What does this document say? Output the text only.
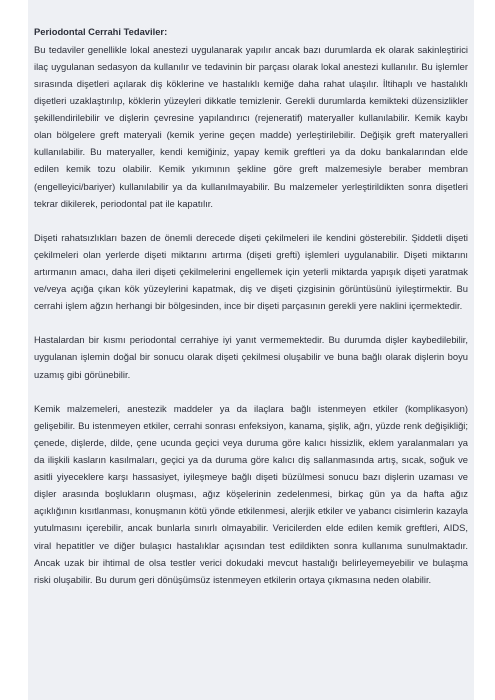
Periodontal Cerrahi Tedaviler:

Bu tedaviler genellikle lokal anestezi uygulanarak yapılır ancak bazı durumlarda ek olarak sakinleştirici ilaç uygulanan sedasyon da kullanılır ve tedavinin bir parçası olarak lokal anestezi kullanılır. Bu işlemler sırasında dişetleri açılarak diş köklerine ve hastalıklı kemiğe daha rahat ulaşılır. İltihaplı ve hastalıklı dişetleri uzaklaştırılıp, köklerin yüzeyleri dikkatle temizlenir. Gerekli durumlarda kemikteki düzensizlikler şekillendirilebilir ve dişlerin çevresine yapılandırıcı (rejeneratif) materyaller kullanılabilir. Kemik kaybı olan bölgelere greft materyali (kemik yerine geçen madde) yerleştirilebilir. Değişik greft materyalleri kullanılabilir. Bu materyaller, kendi kemiğiniz, yapay kemik greftleri ya da doku bankalarından elde edilen kemik tozu olabilir. Kemik yıkımının şekline göre greft malzemesiyle beraber membran (engelleyici/bariyer) kullanılabilir ya da kullanılmayabilir. Bu malzemeler yerleştirildikten sonra dişetleri tekrar dikilerek, periodontal pat ile kapatılır.

Dişeti rahatsızlıkları bazen de önemli derecede dişeti çekilmeleri ile kendini gösterebilir. Şiddetli dişeti çekilmeleri olan yerlerde dişeti miktarını artırma (dişeti grefti) işlemleri uygulanabilir. Dişeti miktarını artırmanın amacı, daha ileri dişeti çekilmelerini engellemek için yeterli miktarda yapışık dişeti yaratmak ve/veya açığa çıkan kök yüzeylerini kapatmak, diş ve dişeti çizgisinin görüntüsünü iyileştirmektir. Bu cerrahi işlem ağzın herhangi bir bölgesinden, ince bir dişeti parçasının gerekli yere naklini içermektedir.

Hastalardan bir kısmı periodontal cerrahiye iyi yanıt vermemektedir. Bu durumda dişler kaybedilebilir, uygulanan işlemin doğal bir sonucu olarak dişeti çekilmesi oluşabilir ve buna bağlı olarak dişlerin boyu uzamış gibi görünebilir.

Kemik malzemeleri, anestezik maddeler ya da ilaçlara bağlı istenmeyen etkiler (komplikasyon) gelişebilir. Bu istenmeyen etkiler, cerrahi sonrası enfeksiyon, kanama, şişlik, ağrı, yüzde renk değişikliği; çenede, dişlerde, dilde, çene ucunda geçici veya duruma göre kalıcı hissizlik, eklem yaralanmaları ya da ilişkili kasların kasılmaları, geçici ya da duruma göre kalıcı diş sallanmasında artış, sıcak, soğuk ve asitli yiyeceklere karşı hassasiyet, iyileşmeye bağlı dişeti büzülmesi sonucu bazı dişlerin uzaması ve dişler arasında boşlukların oluşması, ağız köşelerinin zedelenmesi, birkaç gün ya da hafta ağız açıklığının kısıtlanması, konuşmanın kötü yönde etkilenmesi, alerjik etkiler ve yabancı cisimlerin kazayla yutulmasını içerebilir, ancak bunlarla sınırlı olmayabilir. Vericilerden elde edilen kemik greftleri, AIDS, viral hepatitler ve diğer bulaşıcı hastalıklar açısından test edildikten sonra kullanıma sunulmaktadır. Ancak uzak bir ihtimal de olsa testler verici dokudaki mevcut hastalığı belirleyemeyebilir ve bulaşma riski oluşabilir. Bu durum geri dönüşümsüz istenmeyen etkilerin ortaya çıkmasına neden olabilir.
